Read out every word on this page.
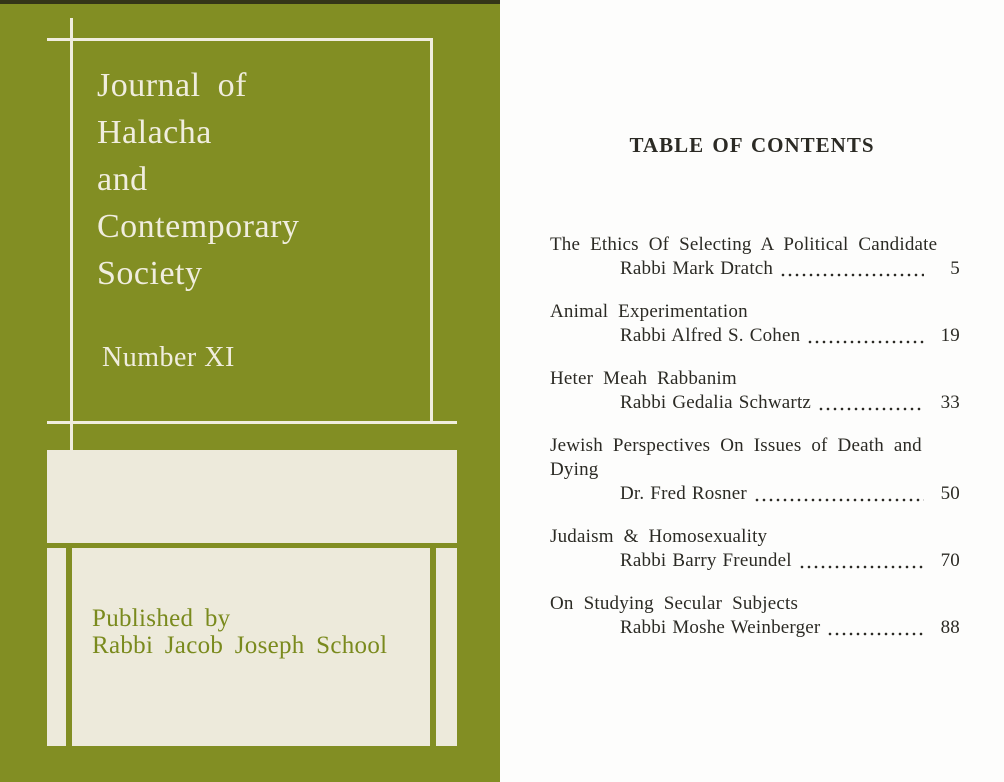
Journal of
Halacha
and
Contemporary
Society
Number XI
Published by
Rabbi Jacob Joseph School
TABLE OF CONTENTS
The Ethics Of Selecting A Political Candidate
Rabbi Mark Dratch	5
Animal Experimentation
Rabbi Alfred S. Cohen	19
Heter Meah Rabbanim
Rabbi Gedalia Schwartz	33
Jewish Perspectives On Issues of Death and Dying
Dr. Fred Rosner	50
Judaism & Homosexuality
Rabbi Barry Freundel	70
On Studying Secular Subjects
Rabbi Moshe Weinberger	88
